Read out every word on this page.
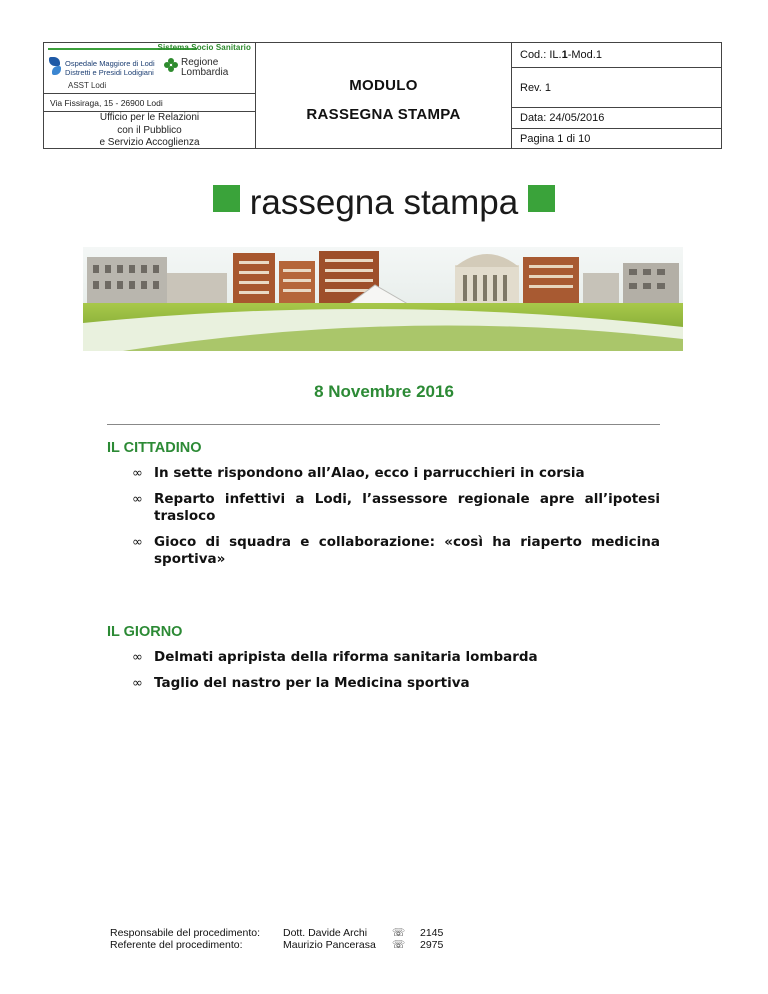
Sistema Socio Sanitario
Ospedale Maggiore di Lodi
Distretti e Presidi Lodigiani
ASST Lodi
Regione
Lombardia
Via Fissiraga, 15 - 26900 Lodi
Ufficio per le Relazioni
con il Pubblico
e Servizio Accoglienza
MODULO
RASSEGNA STAMPA
Cod.: IL. 1 -Mod.1
Rev. 1
Data: 24/05/2016
Pagina 1 di 10
rassegna stampa
8 Novembre 2016
IL CITTADINO
∞ In sette rispondono all’Alao, ecco i parrucchieri in corsia
∞ Reparto infettivi a Lodi, l’assessore regionale apre all’ipotesi trasloco
∞ Gioco di squadra e collaborazione: «così ha riaperto medicina sportiva»
IL GIORNO
∞ Delmati apripista della riforma sanitaria lombarda
∞ Taglio del nastro per la Medicina sportiva
Responsabile del procedimento:
Referente del procedimento:
Dott. Davide Archi
Maurizio Pancerasa
☏
☏
2145
2975
